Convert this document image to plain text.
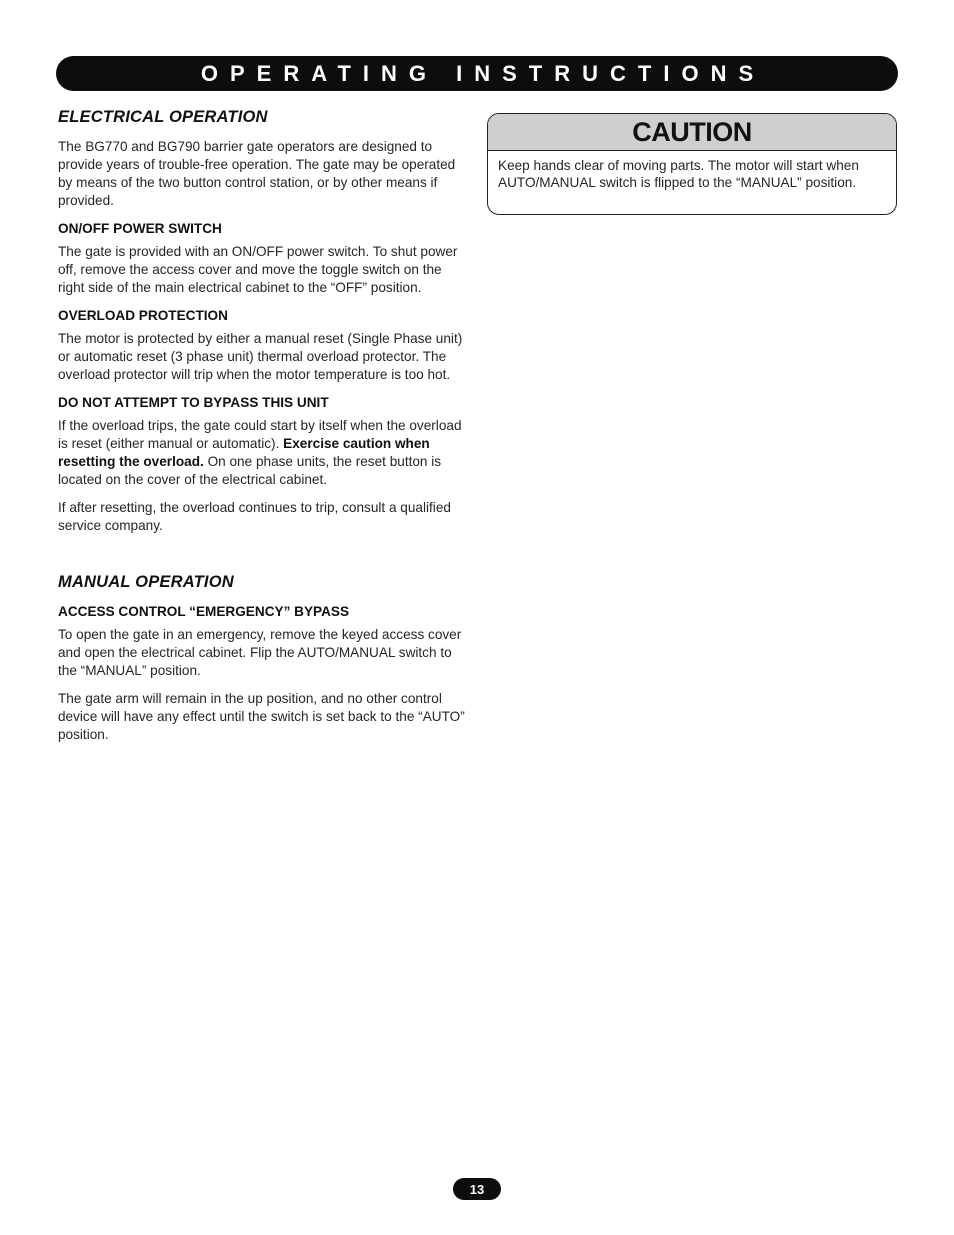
OPERATING INSTRUCTIONS
ELECTRICAL OPERATION

The BG770 and BG790 barrier gate operators are designed to provide years of trouble-free operation. The gate may be operated by means of the two button control station, or by other means if provided.

ON/OFF POWER SWITCH

The gate is provided with an ON/OFF power switch. To shut power off, remove the access cover and move the toggle switch on the right side of the main electrical cabinet to the “OFF” position.

OVERLOAD PROTECTION

The motor is protected by either a manual reset (Single Phase unit) or automatic reset (3 phase unit) thermal overload protector. The overload protector will trip when the motor temperature is too hot.

DO NOT ATTEMPT TO BYPASS THIS UNIT

If the overload trips, the gate could start by itself when the overload is reset (either manual or automatic). Exercise caution when resetting the overload. On one phase units, the reset button is located on the cover of the electrical cabinet.

If after resetting, the overload continues to trip, consult a qualified service company.

MANUAL OPERATION
ACCESS CONTROL “EMERGENCY” BYPASS

To open the gate in an emergency, remove the keyed access cover and open the electrical cabinet. Flip the AUTO/MANUAL switch to the “MANUAL” position.

The gate arm will remain in the up position, and no other control device will have any effect until the switch is set back to the “AUTO” position.

CAUTION
Keep hands clear of moving parts. The motor will start when AUTO/MANUAL switch is flipped to the “MANUAL” position.
13
